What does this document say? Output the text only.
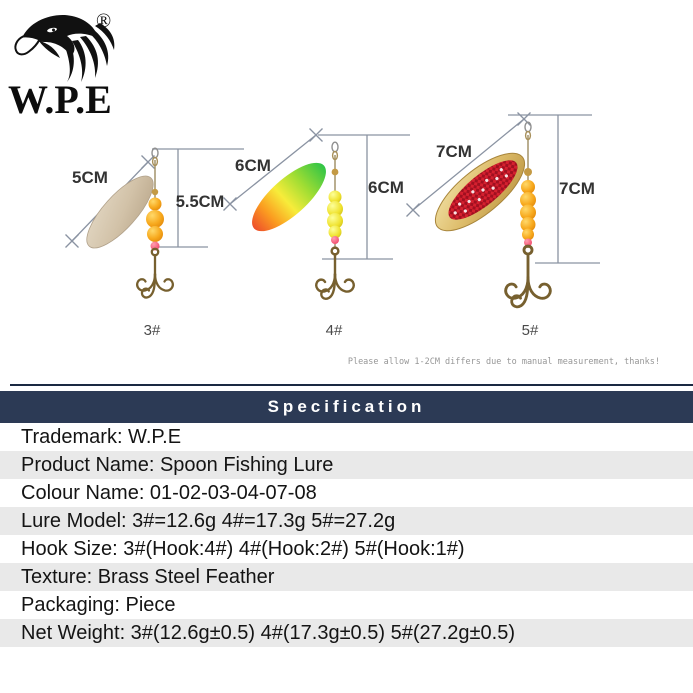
®
W.P.E
5CM
5.5CM
3#
6CM
6CM
4#
7CM
7CM
5#
Please allow 1-2CM differs due to manual measurement, thanks!
Specification
Trademark: W.P.E
Product Name: Spoon Fishing Lure
Colour Name: 01-02-03-04-07-08
Lure Model: 3#=12.6g 4#=17.3g 5#=27.2g
Hook Size: 3#(Hook:4#) 4#(Hook:2#) 5#(Hook:1#)
Texture: Brass Steel Feather
Packaging: Piece
Net Weight: 3#(12.6g±0.5) 4#(17.3g±0.5) 5#(27.2g±0.5)
